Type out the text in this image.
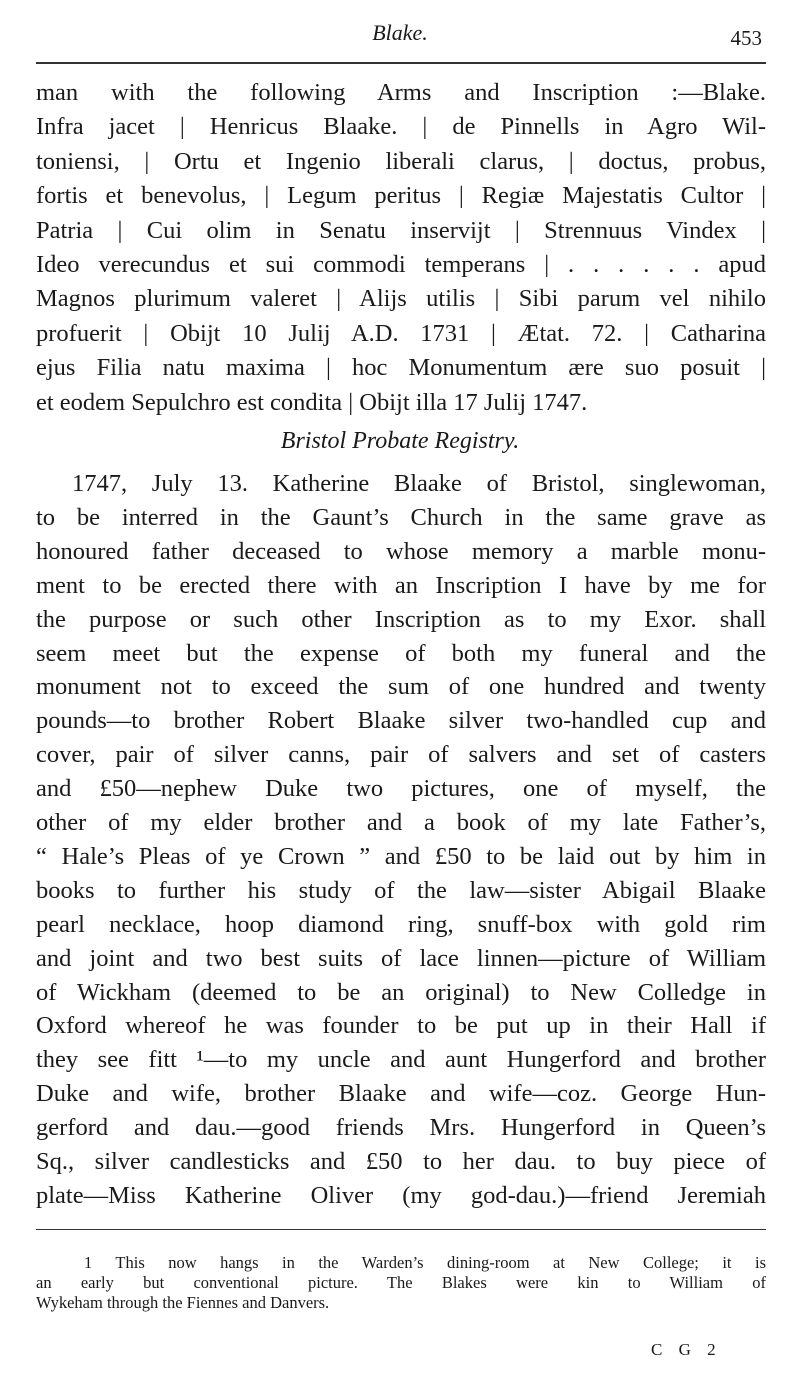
Blake.	453
man with the following Arms and Inscription :—Blake.
Infra jacet | Henricus Blaake. | de Pinnells in Agro Wil-
toniensi, | Ortu et Ingenio liberali clarus, | doctus, probus,
fortis et benevolus, | Legum peritus | Regiæ Majestatis Cultor |
Patria | Cui olim in Senatu inservijt | Strennuus Vindex |
Ideo verecundus et sui commodi temperans | . . . . . . apud
Magnos plurimum valeret | Alijs utilis | Sibi parum vel nihilo
profuerit | Obijt 10 Julij A.D. 1731 | Ætat. 72. | Catharina
ejus Filia natu maxima | hoc Monumentum ære suo posuit |
et eodem Sepulchro est condita | Obijt illa 17 Julij 1747.
1747, July 13. Katherine Blaake of Bristol, singlewoman,
to be interred in the Gaunt’s Church in the same grave as
honoured father deceased to whose memory a marble monu-
ment to be erected there with an Inscription I have by me for
the purpose or such other Inscription as to my Exor. shall
seem meet but the expense of both my funeral and the
monument not to exceed the sum of one hundred and twenty
pounds—to brother Robert Blaake silver two-handled cup and
cover, pair of silver canns, pair of salvers and set of casters
and £50—nephew Duke two pictures, one of myself, the
other of my elder brother and a book of my late Father’s,
“ Hale’s Pleas of ye Crown ” and £50 to be laid out by him in
books to further his study of the law—sister Abigail Blaake
pearl necklace, hoop diamond ring, snuff-box with gold rim
and joint and two best suits of lace linnen—picture of William
of Wickham (deemed to be an original) to New Colledge in
Oxford whereof he was founder to be put up in their Hall if
they see fitt ¹—to my uncle and aunt Hungerford and brother
Duke and wife, brother Blaake and wife—coz. George Hun-
gerford and dau.—good friends Mrs. Hungerford in Queen’s
Sq., silver candlesticks and £50 to her dau. to buy piece of
plate—Miss Katherine Oliver (my god-dau.)—friend Jeremiah
Bristol Probate Registry.
1 This now hangs in the Warden’s dining-room at New College; it is
an early but conventional picture. The Blakes were kin to William of
Wykeham through the Fiennes and Danvers.
C G 2
